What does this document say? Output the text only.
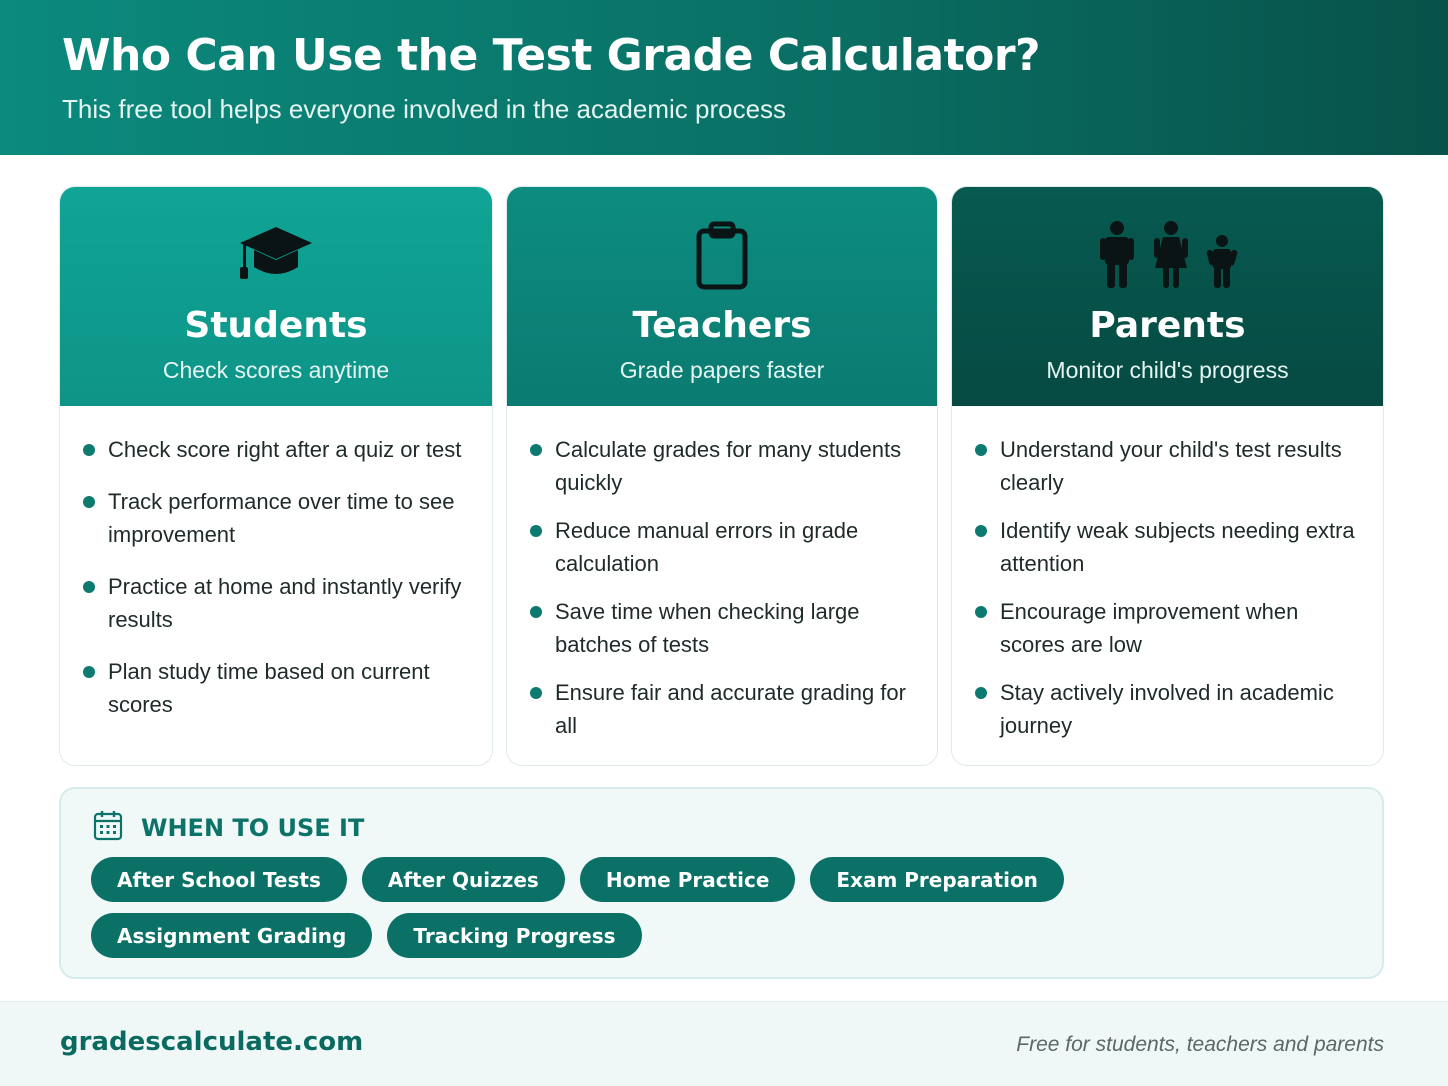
Who Can Use the Test Grade Calculator?
This free tool helps everyone involved in the academic process
Students
Check scores anytime
Check score right after a quiz or test
Track performance over time to see improvement
Practice at home and instantly verify results
Plan study time based on current scores
Teachers
Grade papers faster
Calculate grades for many students quickly
Reduce manual errors in grade calculation
Save time when checking large batches of tests
Ensure fair and accurate grading for all
Parents
Monitor child's progress
Understand your child's test results clearly
Identify weak subjects needing extra attention
Encourage improvement when scores are low
Stay actively involved in academic journey
WHEN TO USE IT
After School Tests	After Quizzes	Home Practice	Exam Preparation
Assignment Grading	Tracking Progress
gradescalculate.com	Free for students, teachers and parents
